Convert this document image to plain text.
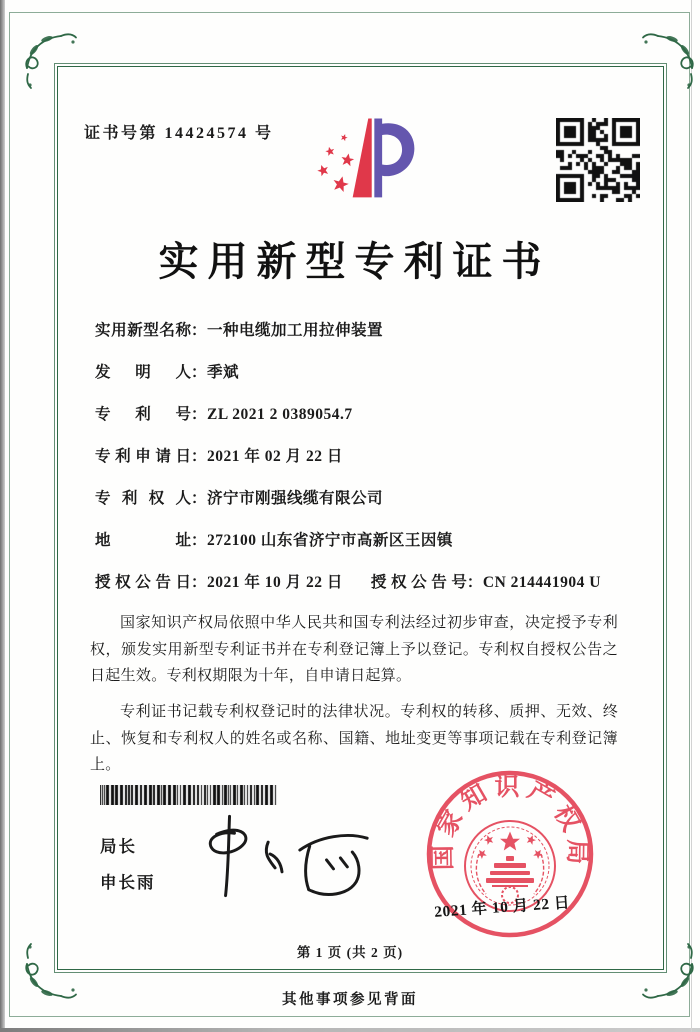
证书号第 14424574 号
实用新型专利证书
实用新型名称：一种电缆加工用拉伸装置
发明人：季斌
专利号：ZL 2021 2 0389054.7
专利申请日：2021 年 02 月 22 日
专利权人：济宁市刚强线缆有限公司
地址：272100 山东省济宁市高新区王因镇
授权公告日：2021 年 10 月 22 日 授权公告号：CN 214441904 U

国家知识产权局依照中华人民共和国专利法经过初步审查，决定授予专利权，颁发实用新型专利证书并在专利登记簿上予以登记。专利权自授权公告之日起生效。专利权期限为十年，自申请日起算。

专利证书记载专利权登记时的法律状况。专利权的转移、质押、无效、终止、恢复和专利权人的姓名或名称、国籍、地址变更等事项记载在专利登记簿上。

局长
申长雨
国家知识产权局
2021 年 10 月 22 日
第 1 页 (共 2 页)
其他事项参见背面
